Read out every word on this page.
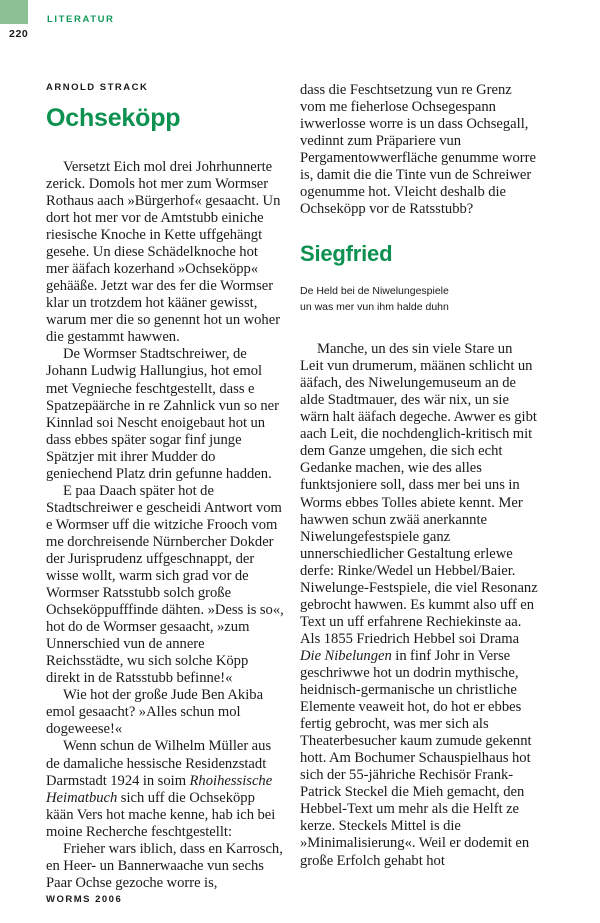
220
LITERATUR
ARNOLD STRACK
Ochseköpp

Versetzt Eich mol drei Johrhunnerte zerick. Domols hot mer zum Wormser Rothaus aach »Bürgerhof« gesaacht. Un dort hot mer vor de Amtstubb einiche riesische Knoche in Kette uffgehängt gesehe. Un diese Schädelknoche hot mer ääfach kozerhand »Ochseköpp« gehääße. Jetzt war des fer die Wormser klar un trotzdem hot kääner gewisst, warum mer die so genennt hot un woher die gestammt hawwen.

De Wormser Stadtschreiwer, de Johann Ludwig Hallungius, hot emol met Vegnieche feschtgestellt, dass e Spatzepäärche in re Zahnlick vun so ner Kinnlad soi Nescht enoigebaut hot un dass ebbes später sogar finf junge Spätzjer mit ihrer Mudder do geniechend Platz drin gefunne hadden.

E paa Daach später hot de Stadtschreiwer e gescheidi Antwort vom e Wormser uff die witziche Frooch vom me dorchreisende Nürnbercher Dokder der Jurisprudenz uffgeschnappt, der wisse wollt, warm sich grad vor de Wormser Ratsstubb solch große Ochseköppufffinde dähten. »Dess is so«, hot do de Wormser gesaacht, »zum Unnerschied vun de annere Reichsstädte, wu sich solche Köpp direkt in de Ratsstubb befinne!«

Wie hot der große Jude Ben Akiba emol gesaacht? »Alles schun mol dogeweese!«

Wenn schun de Wilhelm Müller aus de damaliche hessische Residenzstadt Darmstadt 1924 in soim Rhoihessische Heimatbuch sich uff die Ochseköpp kään Vers hot mache kenne, hab ich bei moine Recherche feschtgestellt:

Frieher wars iblich, dass en Karrosch, en Heer- un Bannerwaache vun sechs Paar Ochse gezoche worre is,

dass die Feschtsetzung vun re Grenz vom me fieherlose Ochsegespann iwwerlosse worre is un dass Ochsegall, vedinnt zum Präpariere vun Pergamentowwerfläche genumme worre is, damit die die Tinte vun de Schreiwer ogenumme hot. Vleicht deshalb die Ochseköpp vor de Ratsstubb?

Siegfried
De Held bei de Niwelungespiele
un was mer vun ihm halde duhn

Manche, un des sin viele Stare un Leit vun drumerum, määnen schlicht un ääfach, des Niwelungemuseum an de alde Stadtmauer, des wär nix, un sie wärn halt ääfach degeche. Awwer es gibt aach Leit, die nochdenglich-kritisch mit dem Ganze umgehen, die sich echt Gedanke machen, wie des alles funktsjoniere soll, dass mer bei uns in Worms ebbes Tolles abiete kennt. Mer hawwen schun zwää anerkannte Niwelungefestspiele ganz unnerschiedlicher Gestaltung erlewe derfe: Rinke/Wedel un Hebbel/Baier. Niwelunge-Festspiele, die viel Resonanz gebrocht hawwen. Es kummt also uff en Text un uff erfahrene Rechiekinste aa. Als 1855 Friedrich Hebbel soi Drama Die Nibelungen in finf Johr in Verse geschriwwe hot un dodrin mythische, heidnisch-germanische un christliche Elemente veaweit hot, do hot er ebbes fertig gebrocht, was mer sich als Theaterbesucher kaum zumude gekennt hott. Am Bochumer Schauspielhaus hot sich der 55-jähriche Rechisör Frank-Patrick Steckel die Mieh gemacht, den Hebbel-Text um mehr als die Helft ze kerze. Steckels Mittel is die »Minimalisierung«. Weil er dodemit en große Erfolch gehabt hot

WORMS 2006
